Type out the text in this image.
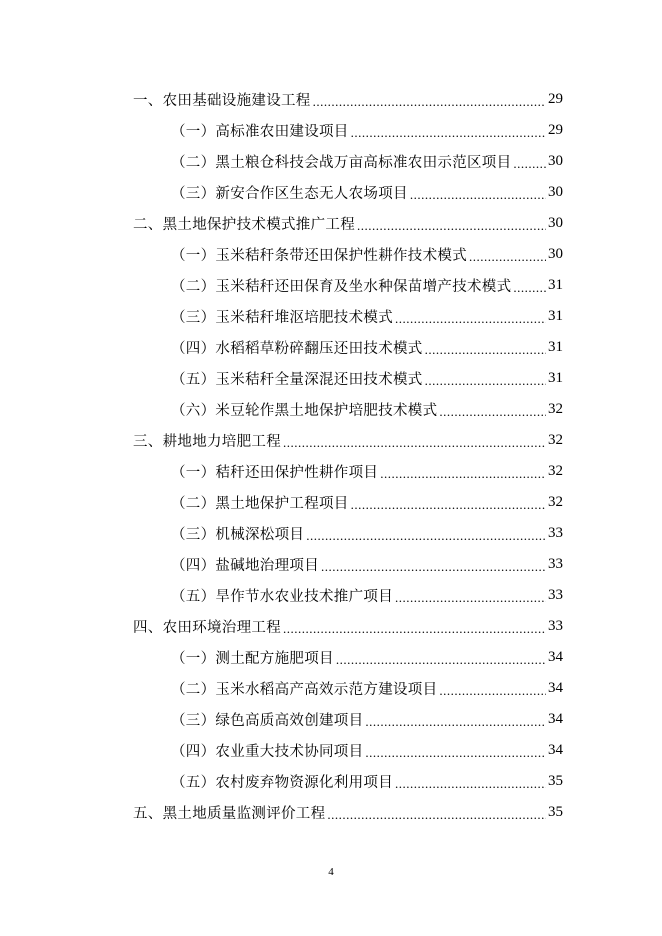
一、农田基础设施建设工程 .....	29
（一）高标准农田建设项目 .....	29
（二）黑土粮仓科技会战万亩高标准农田示范区项目 ..... 30
（三）新安合作区生态无人农场项目 .....	30
二、黑土地保护技术模式推广工程 .....	30
（一）玉米秸秆条带还田保护性耕作技术模式 .....	30
（二）玉米秸秆还田保育及坐水种保苗增产技术模式 ..... 31
（三）玉米秸秆堆沤培肥技术模式 .....	31
（四）水稻稻草粉碎翻压还田技术模式 .....	31
（五）玉米秸秆全量深混还田技术模式 .....	31
（六）米豆轮作黑土地保护培肥技术模式 .....	32
三、耕地地力培肥工程 .....	32
（一）秸秆还田保护性耕作项目 .....	32
（二）黑土地保护工程项目 .....	32
（三）机械深松项目 .....	33
（四）盐碱地治理项目 .....	33
（五）旱作节水农业技术推广项目 .....	33
四、农田环境治理工程 .....	33
（一）测土配方施肥项目 .....	34
（二）玉米水稻高产高效示范方建设项目 .....	34
（三）绿色高质高效创建项目 .....	34
（四）农业重大技术协同项目 .....	34
（五）农村废弃物资源化利用项目 .....	35
五、黑土地质量监测评价工程 .....	35
4
